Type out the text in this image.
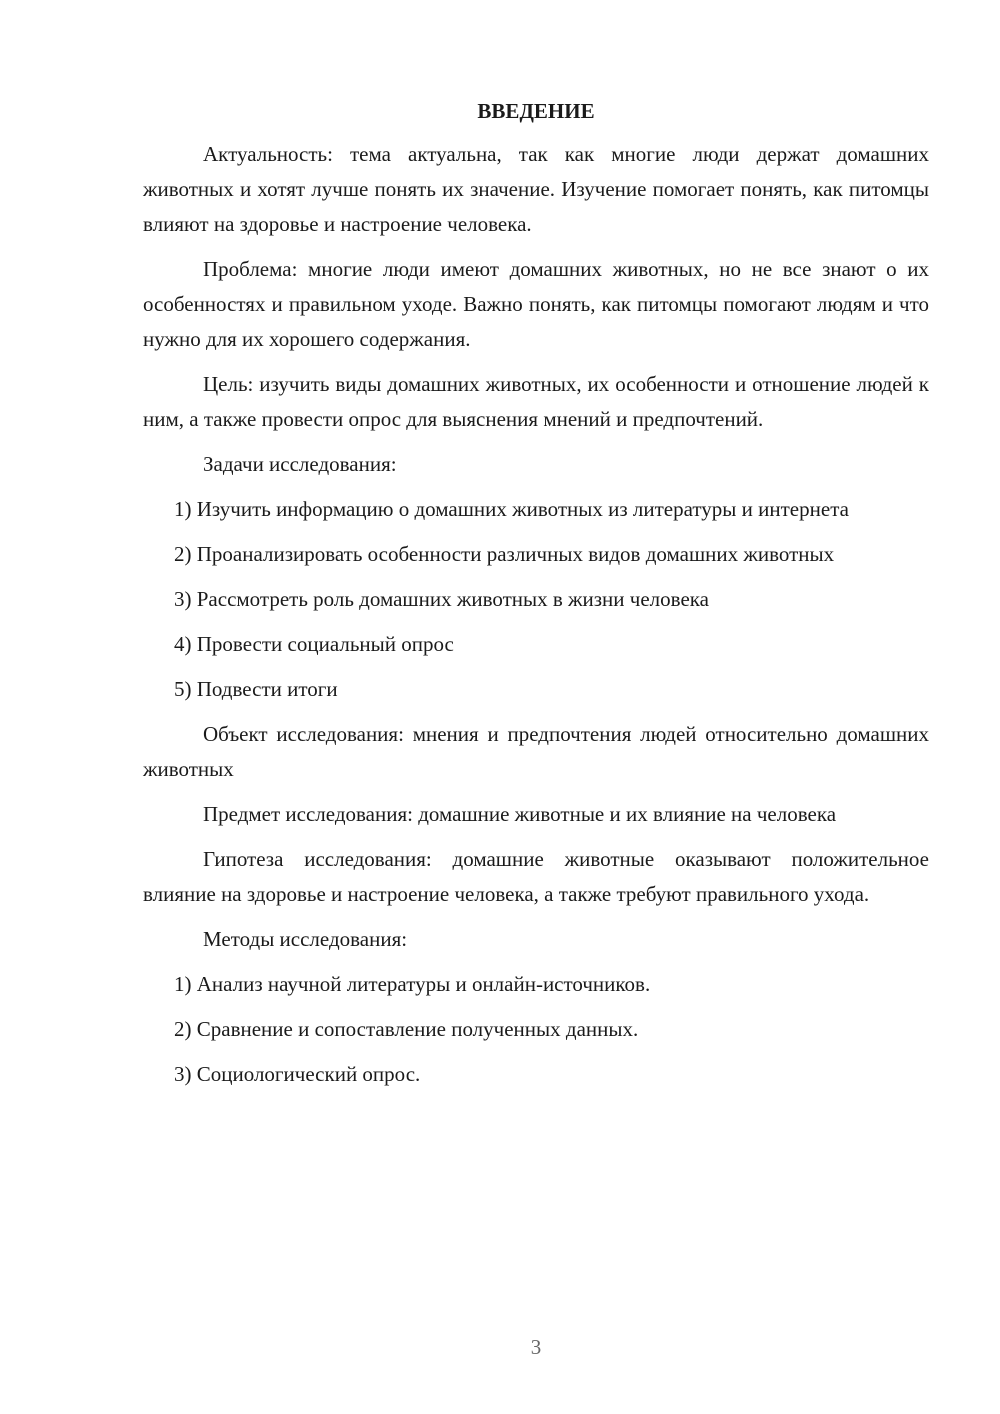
ВВЕДЕНИЕ

Актуальность: тема актуальна, так как многие люди держат домашних животных и хотят лучше понять их значение. Изучение помогает понять, как питомцы влияют на здоровье и настроение человека.

Проблема: многие люди имеют домашних животных, но не все знают о их особенностях и правильном уходе. Важно понять, как питомцы помогают людям и что нужно для их хорошего содержания.

Цель: изучить виды домашних животных, их особенности и отношение людей к ним, а также провести опрос для выяснения мнений и предпочтений.

Задачи исследования:

1) Изучить информацию о домашних животных из литературы и интернета

2) Проанализировать особенности различных видов домашних животных

3) Рассмотреть роль домашних животных в жизни человека

4) Провести социальный опрос

5) Подвести итоги

Объект исследования: мнения и предпочтения людей относительно домашних животных

Предмет исследования: домашние животные и их влияние на человека

Гипотеза исследования: домашние животные оказывают положительное влияние на здоровье и настроение человека, а также требуют правильного ухода.

Методы исследования:

1) Анализ научной литературы и онлайн-источников.

2) Сравнение и сопоставление полученных данных.

3) Социологический опрос.

3
